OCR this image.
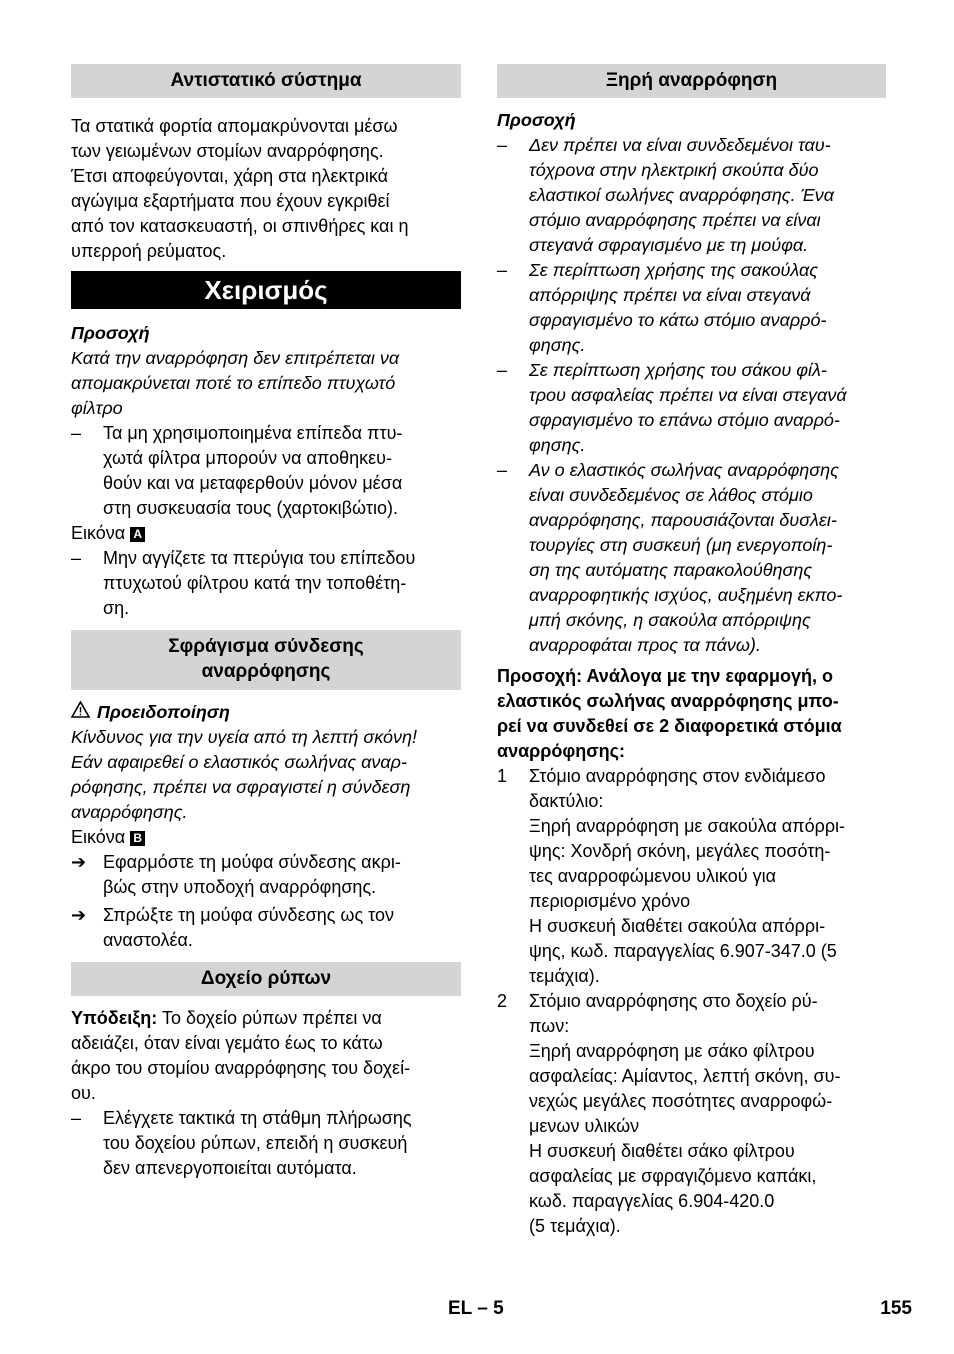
Αντιστατικό σύστημα

Τα στατικά φορτία απομακρύνονται μέσω
των γειωμένων στομίων αναρρόφησης.
Έτσι αποφεύγονται, χάρη στα ηλεκτρικά
αγώγιμα εξαρτήματα που έχουν εγκριθεί
από τον κατασκευαστή, οι σπινθήρες και η
υπερροή ρεύματος.

Χειρισμός

Προσοχή

Κατά την αναρρόφηση δεν επιτρέπεται να
απομακρύνεται ποτέ το επίπεδο πτυχωτό
φίλτρο

–	Τα μη χρησιμοποιημένα επίπεδα πτυ-
χωτά φίλτρα μπορούν να αποθηκευ-
θούν και να μεταφερθούν μόνον μέσα
στη συσκευασία τους (χαρτοκιβώτιο).

Εικόνα A

–	Μην αγγίζετε τα πτερύγια του επίπεδου
πτυχωτού φίλτρου κατά την τοποθέτη-
ση.
Σφράγισμα σύνδεσης
αναρρόφησης

Προειδοποίηση

Κίνδυνος για την υγεία από τη λεπτή σκόνη!
Εάν αφαιρεθεί ο ελαστικός σωλήνας αναρ-
ρόφησης, πρέπει να σφραγιστεί η σύνδεση
αναρρόφησης.

Εικόνα B

➔ Εφαρμόστε τη μούφα σύνδεσης ακρι-
βώς στην υποδοχή αναρρόφησης.
➔ Σπρώξτε τη μούφα σύνδεσης ως τον
αναστολέα.
Δοχείο ρύπων

Υπόδειξη: Το δοχείο ρύπων πρέπει να
αδειάζει, όταν είναι γεμάτο έως το κάτω
άκρο του στομίου αναρρόφησης του δοχεί-
ου.

–	Ελέγχετε τακτικά τη στάθμη πλήρωσης
του δοχείου ρύπων, επειδή η συσκευή
δεν απενεργοποιείται αυτόματα.
Ξηρή αναρρόφηση

Προσοχή

–	Δεν πρέπει να είναι συνδεδεμένοι ταυ-
τόχρονα στην ηλεκτρική σκούπα δύο
ελαστικοί σωλήνες αναρρόφησης. Ένα
στόμιο αναρρόφησης πρέπει να είναι
στεγανά σφραγισμένο με τη μούφα.
–	Σε περίπτωση χρήσης της σακούλας
απόρριψης πρέπει να είναι στεγανά
σφραγισμένο το κάτω στόμιο αναρρό-
φησης.
–	Σε περίπτωση χρήσης του σάκου φίλ-
τρου ασφαλείας πρέπει να είναι στεγανά
σφραγισμένο το επάνω στόμιο αναρρό-
φησης.
–	Αν ο ελαστικός σωλήνας αναρρόφησης
είναι συνδεδεμένος σε λάθος στόμιο
αναρρόφησης, παρουσιάζονται δυσλει-
τουργίες στη συσκευή (μη ενεργοποίη-
ση της αυτόματης παρακολούθησης
αναρροφητικής ισχύος, αυξημένη εκπο-
μπή σκόνης, η σακούλα απόρριψης
αναρροφάται προς τα πάνω).

Προσοχή: Ανάλογα με την εφαρμογή, ο
ελαστικός σωλήνας αναρρόφησης μπο-
ρεί να συνδεθεί σε 2 διαφορετικά στόμια
αναρρόφησης:

1	Στόμιο αναρρόφησης στον ενδιάμεσο
δακτύλιο:

Ξηρή αναρρόφηση με σακούλα απόρρι-
ψης: Χονδρή σκόνη, μεγάλες ποσότη-
τες αναρροφώμενου υλικού για
περιορισμένο χρόνο

Η συσκευή διαθέτει σακούλα απόρρι-
ψης, κωδ. παραγγελίας 6.907-347.0 (5
τεμάχια).

2	Στόμιο αναρρόφησης στο δοχείο ρύ-
πων:

Ξηρή αναρρόφηση με σάκο φίλτρου
ασφαλείας: Αμίαντος, λεπτή σκόνη, συ-
νεχώς μεγάλες ποσότητες αναρροφώ-
μενων υλικών

Η συσκευή διαθέτει σάκο φίλτρου
ασφαλείας με σφραγιζόμενο καπάκι,
κωδ. παραγγελίας 6.904-420.0
(5 τεμάχια).

EL – 5	155
